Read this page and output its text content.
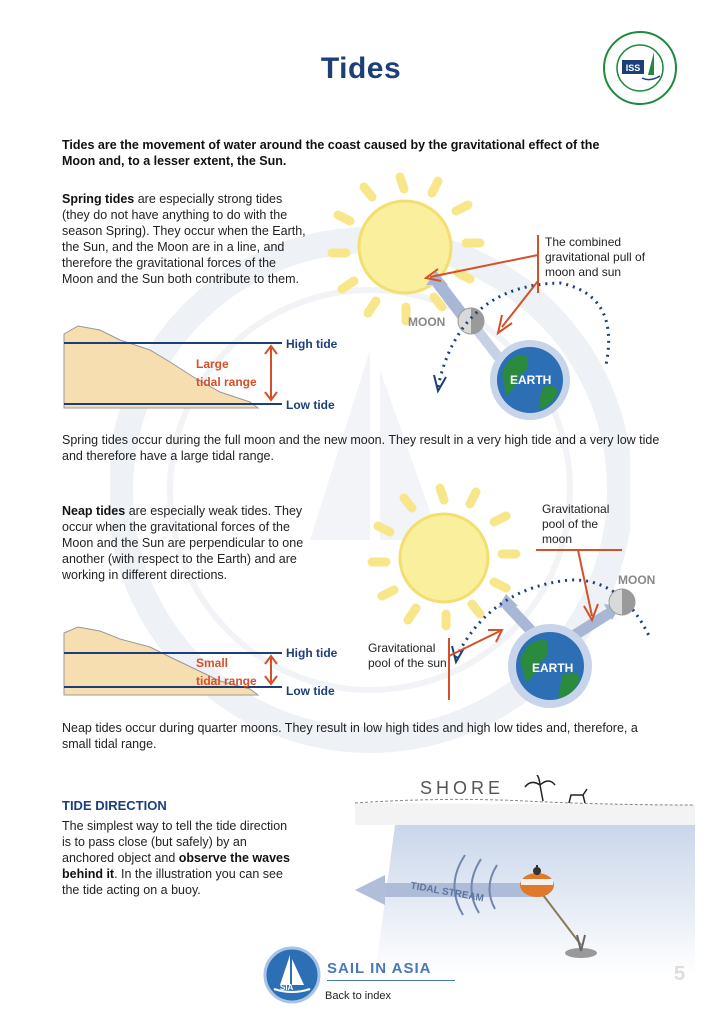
Tides	ISS
Tides are the movement of water around the coast caused by the gravitational effect of the Moon and, to a lesser extent, the Sun.
Spring tides are especially strong tides (they do not have anything to do with the season Spring). They occur when the Earth, the Sun, and the Moon are in a line, and therefore the gravitational forces of the Moon and the Sun both contribute to them.
High tide
Low tide
Large
tidal range
MOON
EARTH
The combined gravitational pull of moon and sun
Spring tides occur during the full moon and the new moon. They result in a very high tide and a very low tide and therefore have a large tidal range.
Neap tides are especially weak tides. They occur when the gravitational forces of the Moon and the Sun are perpendicular to one another (with respect to the Earth) and are working in different directions.
High tide
Low tide
Small
tidal range
MOON
EARTH
Gravitational pool of the moon
Gravitational pool of the sun
Neap tides occur during quarter moons. They result in low high tides and high low tides and, therefore, a small tidal range.
TIDE DIRECTION
The simplest way to tell the tide direction is to pass close (but safely) by an anchored object and observe the waves behind it. In the illustration you can see the tide acting on a buoy.
SHORE
TIDAL STREAM
SIA
SAIL IN ASIA
Back to index
5
